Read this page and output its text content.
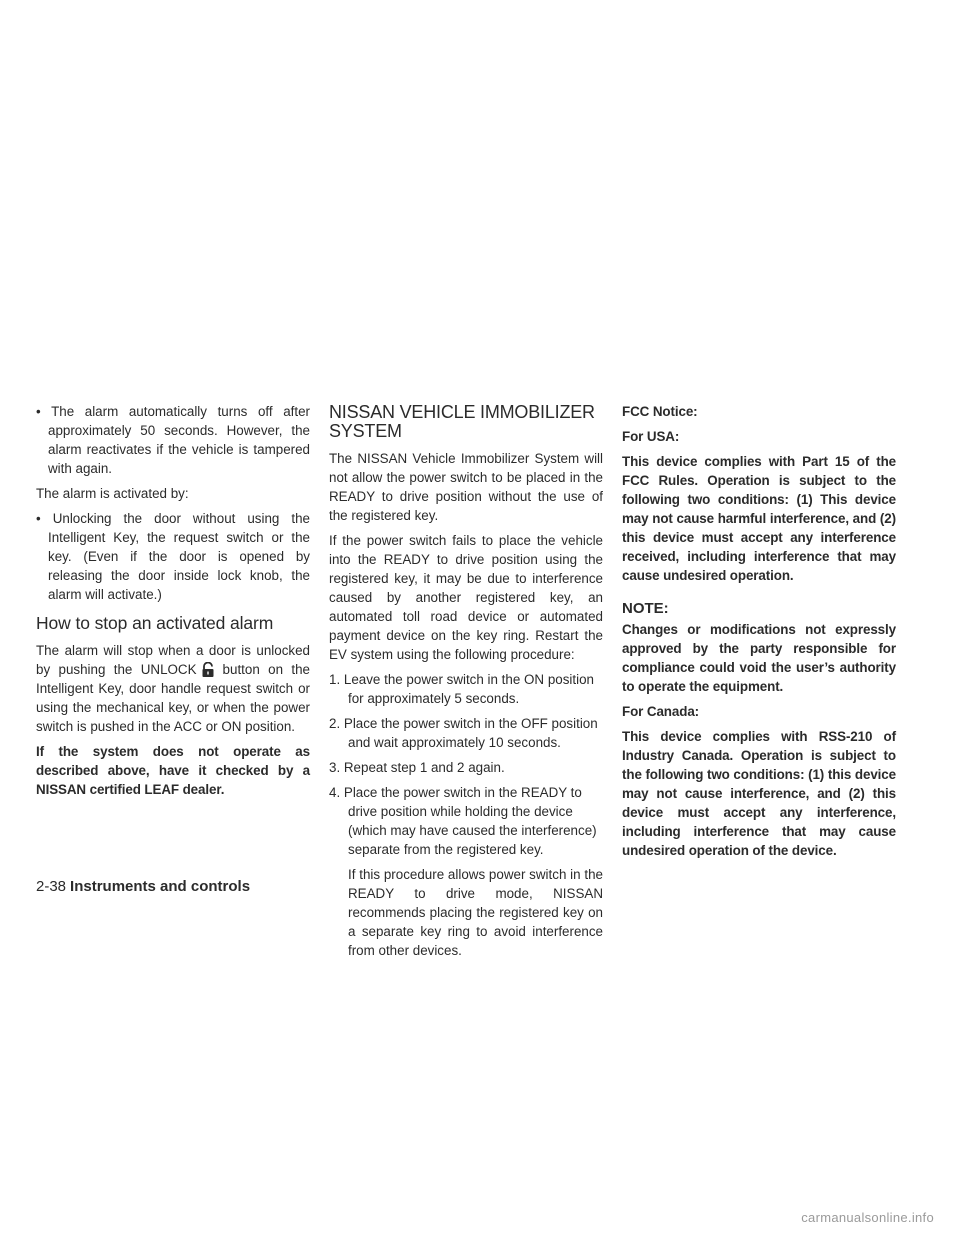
• The alarm automatically turns off after approximately 50 seconds. However, the alarm reactivates if the vehicle is tampered with again.

The alarm is activated by:

• Unlocking the door without using the Intelligent Key, the request switch or the key. (Even if the door is opened by releasing the door inside lock knob, the alarm will activate.)

How to stop an activated alarm

The alarm will stop when a door is unlocked by pushing the UNLOCK button on the Intelligent Key, door handle request switch or using the mechanical key, or when the power switch is pushed in the ACC or ON position.

If the system does not operate as described above, have it checked by a NISSAN certified LEAF dealer.

NISSAN VEHICLE IMMOBILIZER
SYSTEM

The NISSAN Vehicle Immobilizer System will not allow the power switch to be placed in the READY to drive position without the use of the registered key.

If the power switch fails to place the vehicle into the READY to drive position using the registered key, it may be due to interference caused by another registered key, an automated toll road device or automated payment device on the key ring. Restart the EV system using the following procedure:

1. Leave the power switch in the ON position for approximately 5 seconds.

2. Place the power switch in the OFF position and wait approximately 10 seconds.

3. Repeat step 1 and 2 again.

4. Place the power switch in the READY to drive position while holding the device (which may have caused the interference) separate from the registered key.

If this procedure allows power switch in the READY to drive mode, NISSAN recommends placing the registered key on a separate key ring to avoid interference from other devices.

FCC Notice:

For USA:

This device complies with Part 15 of the FCC Rules. Operation is subject to the following two conditions: (1) This device may not cause harmful interference, and (2) this device must accept any interference received, including interference that may cause undesired operation.

NOTE:

Changes or modifications not expressly approved by the party responsible for compliance could void the user’s authority to operate the equipment.

For Canada:

This device complies with RSS-210 of Industry Canada. Operation is subject to the following two conditions: (1) this device may not cause interference, and (2) this device must accept any interference, including interference that may cause undesired operation of the device.

2-38 Instruments and controls
carmanualsonline.info
